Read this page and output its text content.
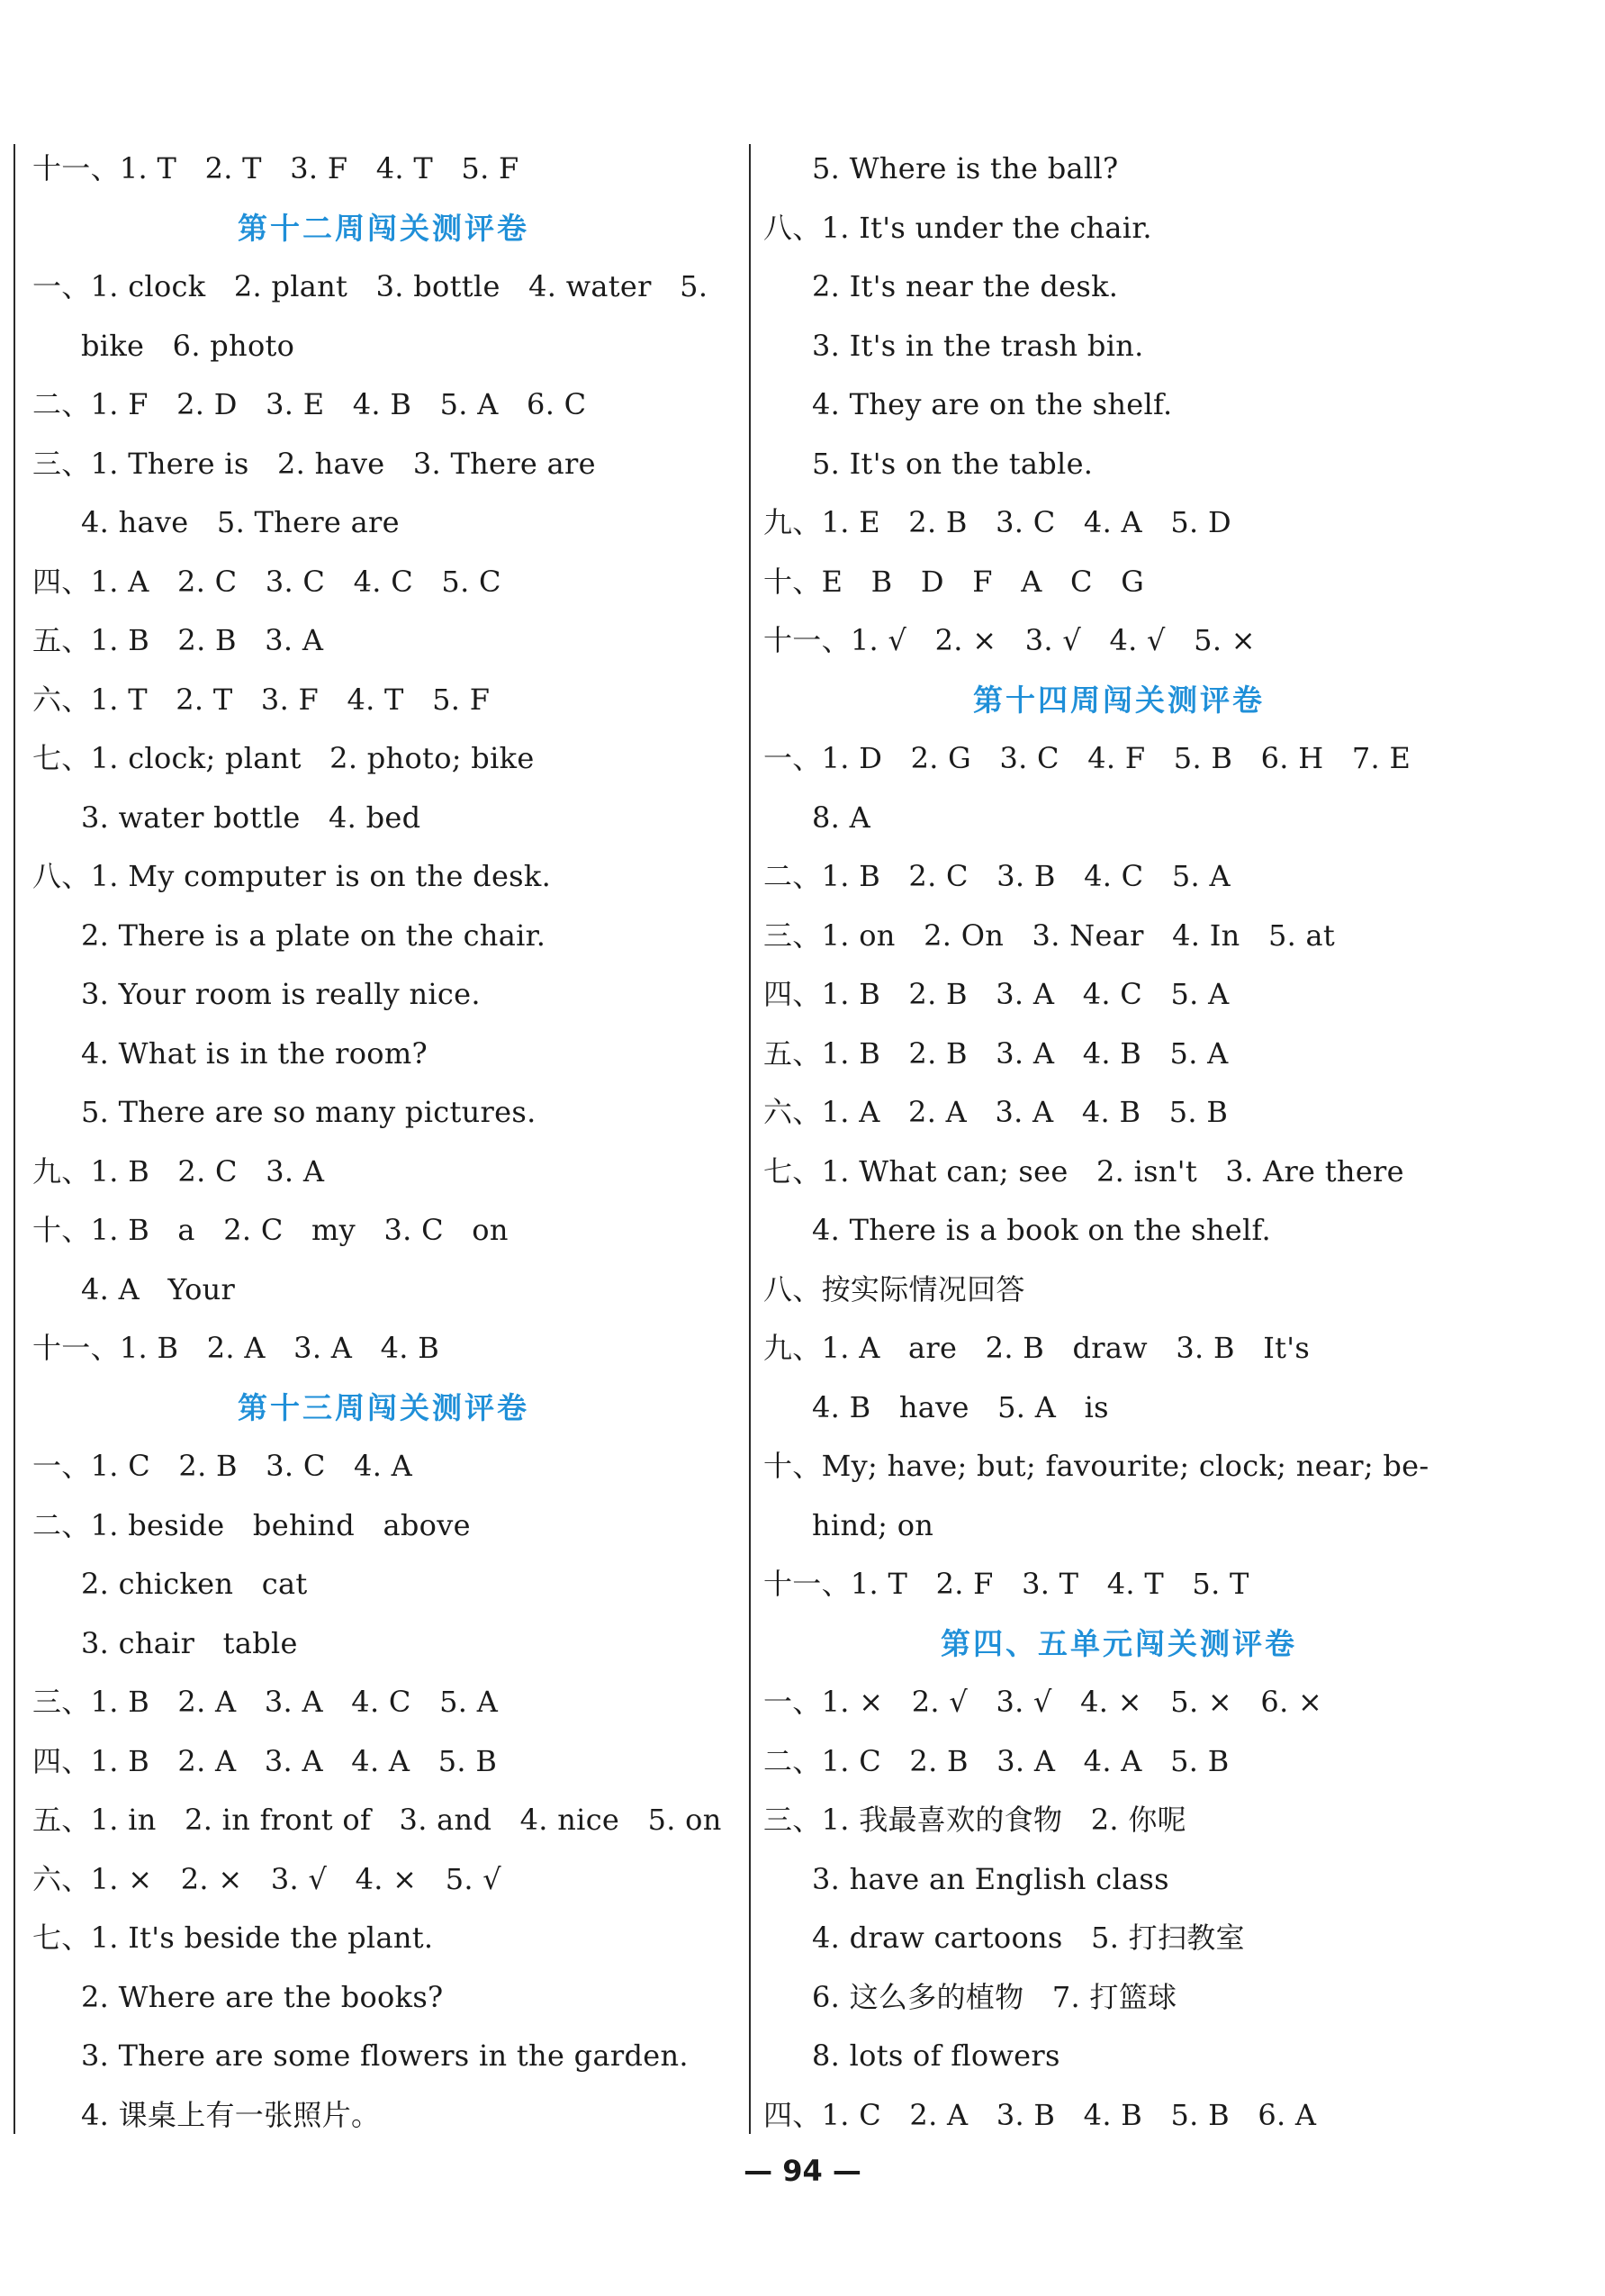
十一、1. T   2. T   3. F   4. T   5. F
第十二周闯关测评卷
一、1. clock   2. plant   3. bottle   4. water   5.
bike   6. photo
二、1. F   2. D   3. E   4. B   5. A   6. C
三、1. There is   2. have   3. There are
4. have   5. There are
四、1. A   2. C   3. C   4. C   5. C
五、1. B   2. B   3. A
六、1. T   2. T   3. F   4. T   5. F
七、1. clock; plant   2. photo; bike
3. water bottle   4. bed
八、1. My computer is on the desk.
2. There is a plate on the chair.
3. Your room is really nice.
4. What is in the room?
5. There are so many pictures.
九、1. B   2. C   3. A
十、1. B   a   2. C   my   3. C   on
4. A   Your
十一、1. B   2. A   3. A   4. B
第十三周闯关测评卷
一、1. C   2. B   3. C   4. A
二、1. beside   behind   above
2. chicken   cat
3. chair   table
三、1. B   2. A   3. A   4. C   5. A
四、1. B   2. A   3. A   4. A   5. B
五、1. in   2. in front of   3. and   4. nice   5. on
六、1. ×   2. ×   3. √   4. ×   5. √
七、1. It's beside the plant.
2. Where are the books?
3. There are some flowers in the garden.
4. 课桌上有一张照片。
5. Where is the ball?
八、1. It's under the chair.
2. It's near the desk.
3. It's in the trash bin.
4. They are on the shelf.
5. It's on the table.
九、1. E   2. B   3. C   4. A   5. D
十、E   B   D   F   A   C   G
十一、1. √   2. ×   3. √   4. √   5. ×
第十四周闯关测评卷
一、1. D   2. G   3. C   4. F   5. B   6. H   7. E
8. A
二、1. B   2. C   3. B   4. C   5. A
三、1. on   2. On   3. Near   4. In   5. at
四、1. B   2. B   3. A   4. C   5. A
五、1. B   2. B   3. A   4. B   5. A
六、1. A   2. A   3. A   4. B   5. B
七、1. What can; see   2. isn't   3. Are there
4. There is a book on the shelf.
八、按实际情况回答
九、1. A   are   2. B   draw   3. B   It's
4. B   have   5. A   is
十、My; have; but; favourite; clock; near; be-
hind; on
十一、1. T   2. F   3. T   4. T   5. T
第四、五单元闯关测评卷
一、1. ×   2. √   3. √   4. ×   5. ×   6. ×
二、1. C   2. B   3. A   4. A   5. B
三、1. 我最喜欢的食物   2. 你呢
3. have an English class
4. draw cartoons   5. 打扫教室
6. 这么多的植物   7. 打篮球
8. lots of flowers
四、1. C   2. A   3. B   4. B   5. B   6. A
— 94 —
